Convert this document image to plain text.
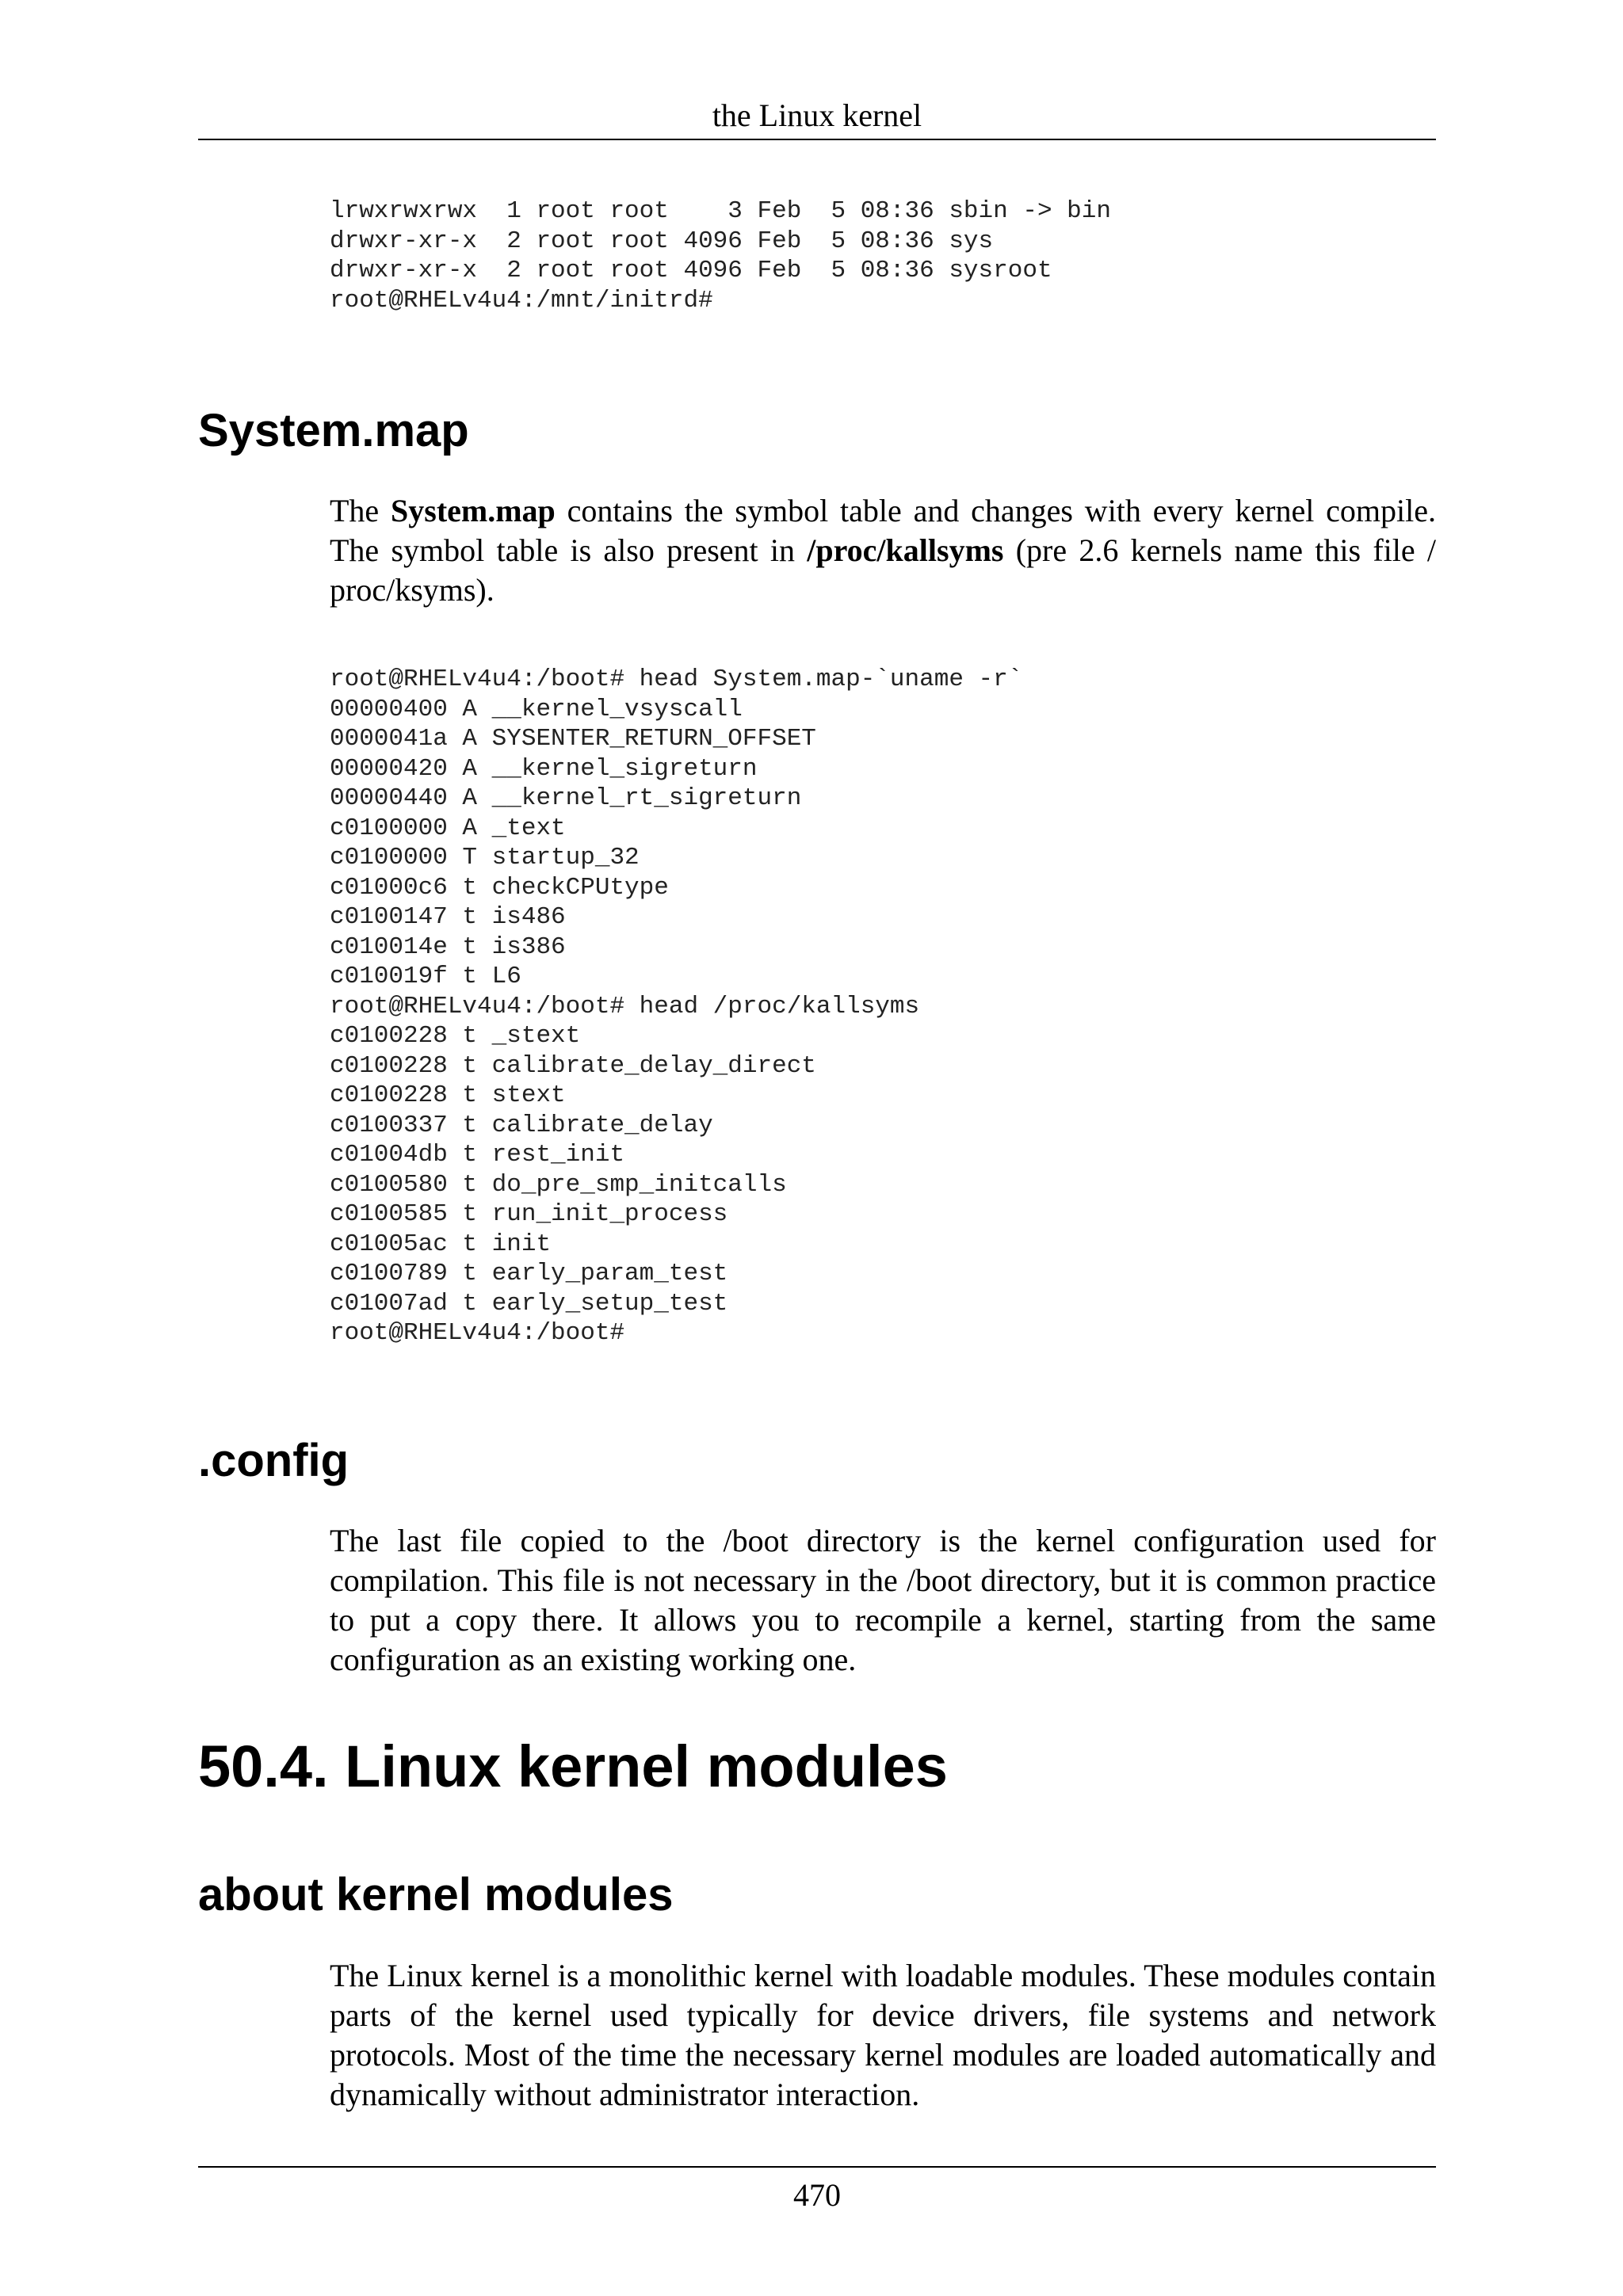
the Linux kernel
lrwxrwxrwx  1 root root    3 Feb  5 08:36 sbin -> bin
drwxr-xr-x  2 root root 4096 Feb  5 08:36 sys
drwxr-xr-x  2 root root 4096 Feb  5 08:36 sysroot
root@RHELv4u4:/mnt/initrd#
System.map

The System.map contains the symbol table and changes with every kernel compile. The symbol table is also present in /proc/kallsyms (pre 2.6 kernels name this file / proc/ksyms).

root@RHELv4u4:/boot# head System.map-`uname -r`
00000400 A __kernel_vsyscall
0000041a A SYSENTER_RETURN_OFFSET
00000420 A __kernel_sigreturn
00000440 A __kernel_rt_sigreturn
c0100000 A _text
c0100000 T startup_32
c01000c6 t checkCPUtype
c0100147 t is486
c010014e t is386
c010019f t L6
root@RHELv4u4:/boot# head /proc/kallsyms
c0100228 t _stext
c0100228 t calibrate_delay_direct
c0100228 t stext
c0100337 t calibrate_delay
c01004db t rest_init
c0100580 t do_pre_smp_initcalls
c0100585 t run_init_process
c01005ac t init
c0100789 t early_param_test
c01007ad t early_setup_test
root@RHELv4u4:/boot#
.config

The last file copied to the /boot directory is the kernel configuration used for compilation. This file is not necessary in the /boot directory, but it is common practice to put a copy there. It allows you to recompile a kernel, starting from the same configuration as an existing working one.

50.4. Linux kernel modules
about kernel modules

The Linux kernel is a monolithic kernel with loadable modules. These modules contain parts of the kernel used typically for device drivers, file systems and network protocols. Most of the time the necessary kernel modules are loaded automatically and dynamically without administrator interaction.

470
